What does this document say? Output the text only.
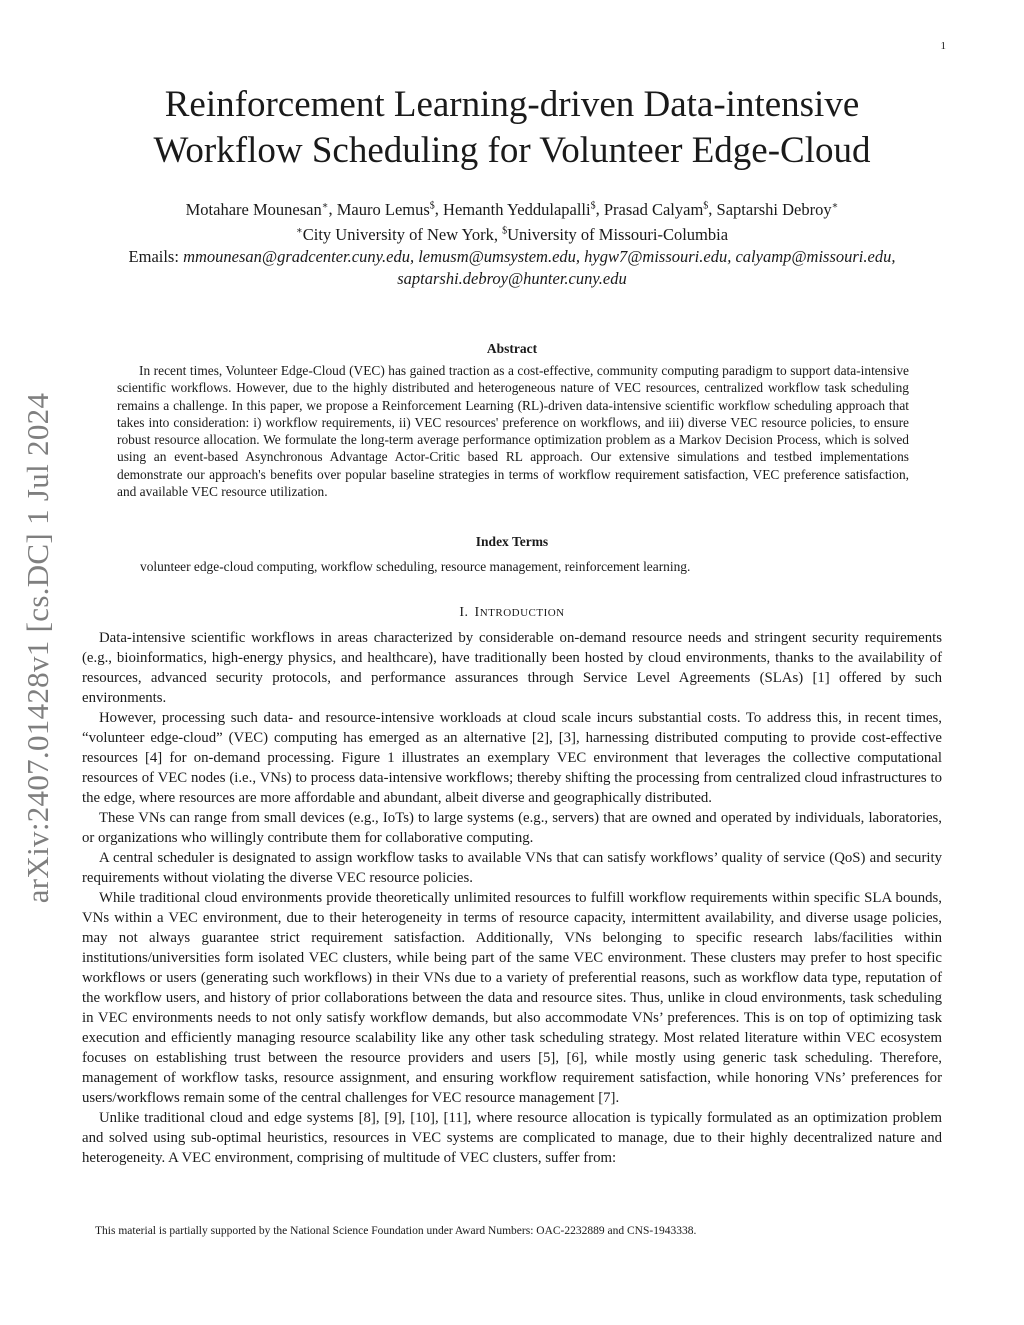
1
arXiv:2407.01428v1 [cs.DC] 1 Jul 2024
Reinforcement Learning-driven Data-intensive
Workflow Scheduling for Volunteer Edge-Cloud
Motahare Mounesan∗, Mauro Lemus$, Hemanth Yeddulapalli$, Prasad Calyam$, Saptarshi Debroy∗
∗City University of New York, $University of Missouri-Columbia
Emails: mmounesan@gradcenter.cuny.edu, lemusm@umsystem.edu, hygw7@missouri.edu, calyamp@missouri.edu,
saptarshi.debroy@hunter.cuny.edu
Abstract

In recent times, Volunteer Edge-Cloud (VEC) has gained traction as a cost-effective, community computing paradigm to support data-intensive scientific workflows. However, due to the highly distributed and heterogeneous nature of VEC resources, centralized workflow task scheduling remains a challenge. In this paper, we propose a Reinforcement Learning (RL)-driven data-intensive scientific workflow scheduling approach that takes into consideration: i) workflow requirements, ii) VEC resources' preference on workflows, and iii) diverse VEC resource policies, to ensure robust resource allocation. We formulate the long-term average performance optimization problem as a Markov Decision Process, which is solved using an event-based Asynchronous Advantage Actor-Critic based RL approach. Our extensive simulations and testbed implementations demonstrate our approach's benefits over popular baseline strategies in terms of workflow requirement satisfaction, VEC preference satisfaction, and available VEC resource utilization.

Index Terms

volunteer edge-cloud computing, workflow scheduling, resource management, reinforcement learning.

I. INTRODUCTION

Data-intensive scientific workflows in areas characterized by considerable on-demand resource needs and stringent security requirements (e.g., bioinformatics, high-energy physics, and healthcare), have traditionally been hosted by cloud environments, thanks to the availability of resources, advanced security protocols, and performance assurances through Service Level Agreements (SLAs) [1] offered by such environments.

However, processing such data- and resource-intensive workloads at cloud scale incurs substantial costs. To address this, in recent times, “volunteer edge-cloud” (VEC) computing has emerged as an alternative [2], [3], harnessing distributed computing to provide cost-effective resources [4] for on-demand processing. Figure 1 illustrates an exemplary VEC environment that leverages the collective computational resources of VEC nodes (i.e., VNs) to process data-intensive workflows; thereby shifting the processing from centralized cloud infrastructures to the edge, where resources are more affordable and abundant, albeit diverse and geographically distributed.

These VNs can range from small devices (e.g., IoTs) to large systems (e.g., servers) that are owned and operated by individuals, laboratories, or organizations who willingly contribute them for collaborative computing.

A central scheduler is designated to assign workflow tasks to available VNs that can satisfy workflows’ quality of service (QoS) and security requirements without violating the diverse VEC resource policies.

While traditional cloud environments provide theoretically unlimited resources to fulfill workflow requirements within specific SLA bounds, VNs within a VEC environment, due to their heterogeneity in terms of resource capacity, intermittent availability, and diverse usage policies, may not always guarantee strict requirement satisfaction. Additionally, VNs belonging to specific research labs/facilities within institutions/universities form isolated VEC clusters, while being part of the same VEC environment. These clusters may prefer to host specific workflows or users (generating such workflows) in their VNs due to a variety of preferential reasons, such as workflow data type, reputation of the workflow users, and history of prior collaborations between the data and resource sites. Thus, unlike in cloud environments, task scheduling in VEC environments needs to not only satisfy workflow demands, but also accommodate VNs’ preferences. This is on top of optimizing task execution and efficiently managing resource scalability like any other task scheduling strategy. Most related literature within VEC ecosystem focuses on establishing trust between the resource providers and users [5], [6], while mostly using generic task scheduling. Therefore, management of workflow tasks, resource assignment, and ensuring workflow requirement satisfaction, while honoring VNs’ preferences for users/workflows remain some of the central challenges for VEC resource management [7].

Unlike traditional cloud and edge systems [8], [9], [10], [11], where resource allocation is typically formulated as an optimization problem and solved using sub-optimal heuristics, resources in VEC systems are complicated to manage, due to their highly decentralized nature and heterogeneity. A VEC environment, comprising of multitude of VEC clusters, suffer from:

This material is partially supported by the National Science Foundation under Award Numbers: OAC-2232889 and CNS-1943338.
